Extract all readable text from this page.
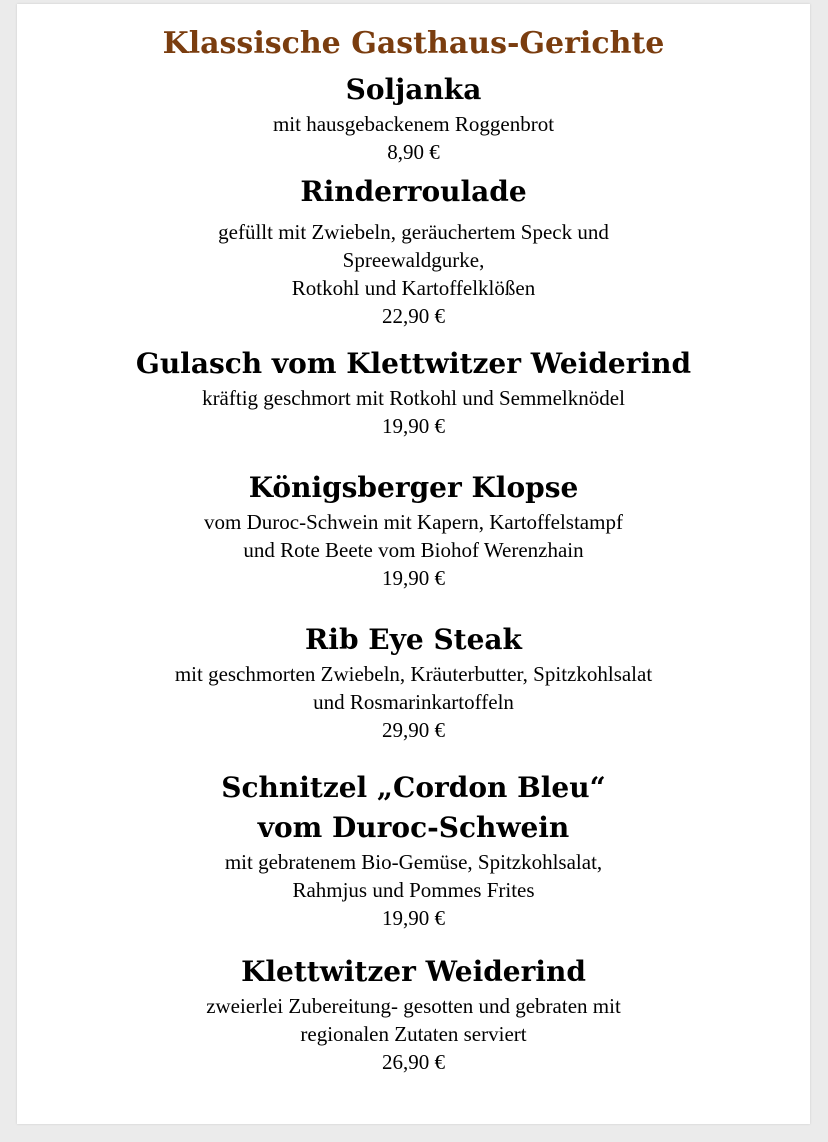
Klassische Gasthaus-Gerichte

Soljanka

mit hausgebackenem Roggenbrot

8,90 €

Rinderroulade

gefüllt mit Zwiebeln, geräuchertem Speck und

Spreewaldgurke,

Rotkohl und Kartoffelklößen

22,90 €

Gulasch vom Klettwitzer Weiderind

kräftig geschmort mit Rotkohl und Semmelknödel

19,90 €

Königsberger Klopse

vom Duroc-Schwein mit Kapern, Kartoffelstampf

und Rote Beete vom Biohof Werenzhain

19,90 €

Rib Eye Steak

mit geschmorten Zwiebeln, Kräuterbutter, Spitzkohlsalat

und Rosmarinkartoffeln

29,90 €

Schnitzel „Cordon Bleu“

vom Duroc-Schwein

mit gebratenem Bio-Gemüse, Spitzkohlsalat,

Rahmjus und Pommes Frites

19,90 €

Klettwitzer Weiderind

zweierlei Zubereitung- gesotten und gebraten mit

regionalen Zutaten serviert

26,90 €
